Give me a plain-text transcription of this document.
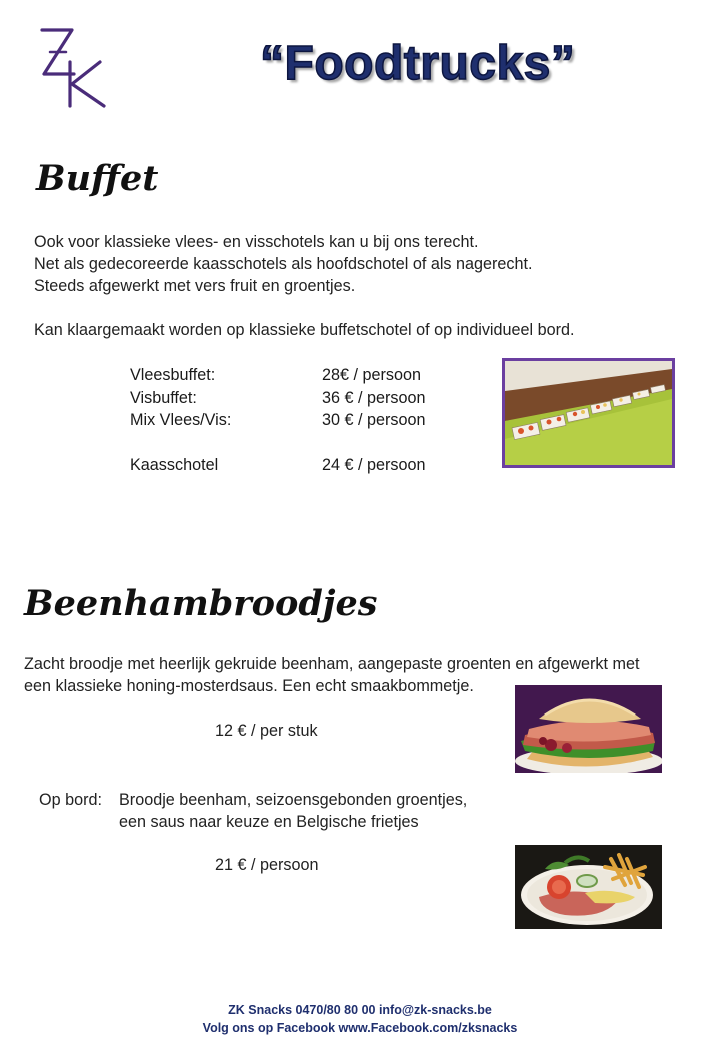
“Foodtrucks”
Buffet
Ook voor klassieke vlees- en visschotels kan u bij ons terecht.
Net als gedecoreerde kaasschotels als hoofdschotel of als nagerecht.
Steeds afgewerkt met vers fruit en groentjes.
Kan klaargemaakt worden op klassieke buffetschotel of op individueel bord.
Vleesbuffet:	28€ / persoon
Visbuffet:	36 € / persoon
Mix Vlees/Vis:	30 € / persoon
Kaasschotel	24 € / persoon
Beenhambroodjes
Zacht broodje met heerlijk gekruide beenham, aangepaste groenten en afgewerkt met
een klassieke honing-mosterdsaus. Een echt smaakbommetje.
12 € / per stuk
Op bord: Broodje beenham, seizoensgebonden groentjes,
een saus naar keuze en Belgische frietjes
21 € / persoon
ZK Snacks 0470/80 80 00 info@zk-snacks.be
Volg ons op Facebook www.Facebook.com/zksnacks
